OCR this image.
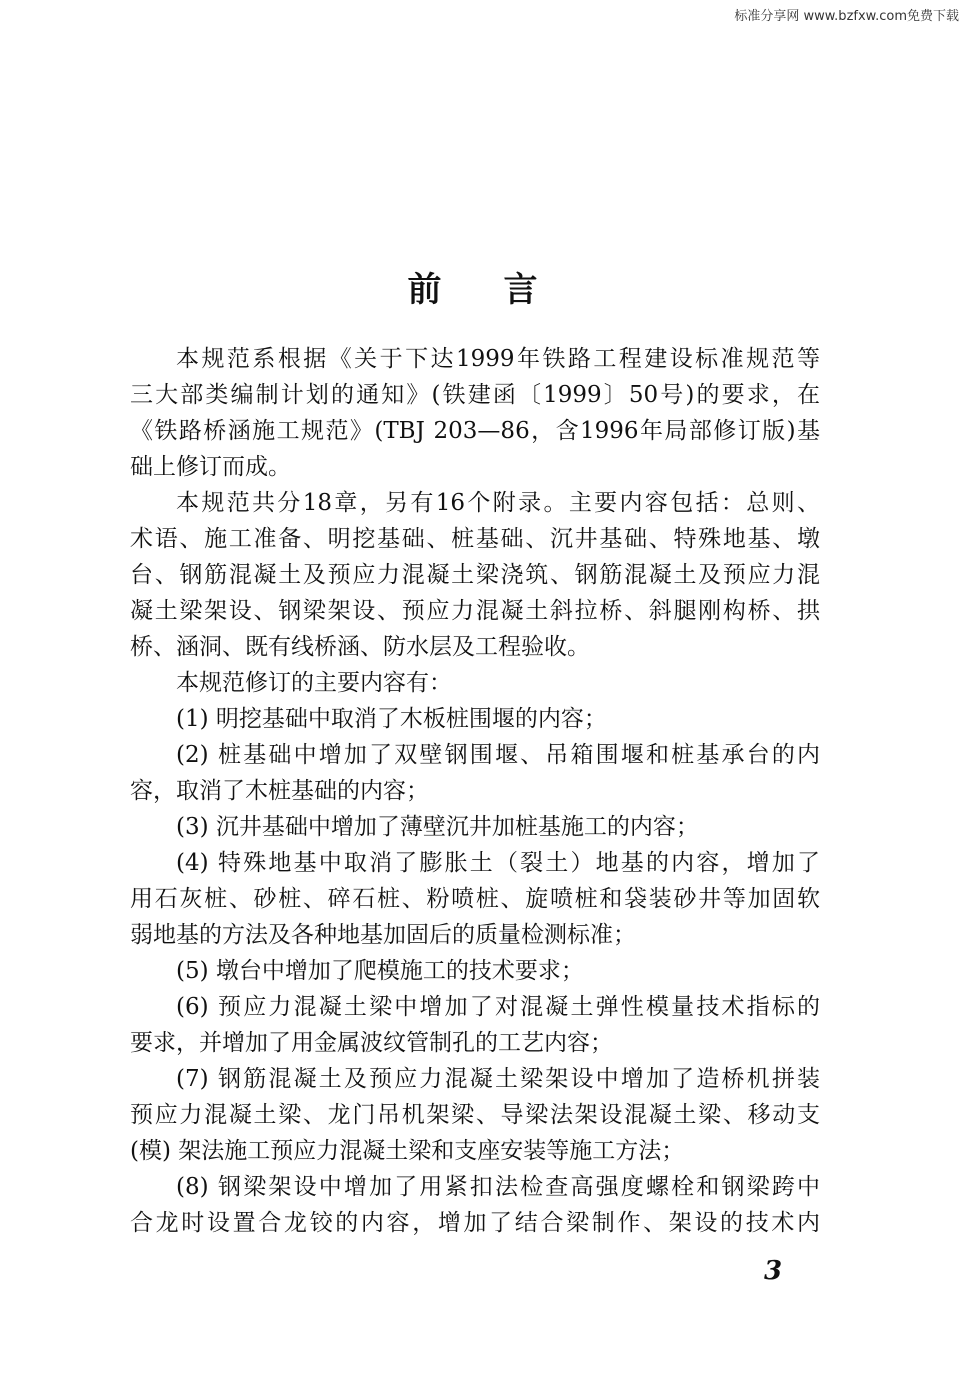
标准分享网 www.bzfxw.com免费下载
前言
本规范系根据《关于下达1999年铁路工程建设标准规范等
三大部类编制计划的通知》(铁建函〔1999〕50号)的要求，在
《铁路桥涵施工规范》(TBJ 203—86，含1996年局部修订版)基
础上修订而成。
本规范共分18章，另有16个附录。主要内容包括：总则、
术语、施工准备、明挖基础、桩基础、沉井基础、特殊地基、墩
台、钢筋混凝土及预应力混凝土梁浇筑、钢筋混凝土及预应力混
凝土梁架设、钢梁架设、预应力混凝土斜拉桥、斜腿刚构桥、拱
桥、涵洞、既有线桥涵、防水层及工程验收。
本规范修订的主要内容有：
(1) 明挖基础中取消了木板桩围堰的内容；
(2) 桩基础中增加了双壁钢围堰、吊箱围堰和桩基承台的内
容，取消了木桩基础的内容；
(3) 沉井基础中增加了薄壁沉井加桩基施工的内容；
(4) 特殊地基中取消了膨胀土（裂土）地基的内容，增加了
用石灰桩、砂桩、碎石桩、粉喷桩、旋喷桩和袋装砂井等加固软
弱地基的方法及各种地基加固后的质量检测标准；
(5) 墩台中增加了爬模施工的技术要求；
(6) 预应力混凝土梁中增加了对混凝土弹性模量技术指标的
要求，并增加了用金属波纹管制孔的工艺内容；
(7) 钢筋混凝土及预应力混凝土梁架设中增加了造桥机拼装
预应力混凝土梁、龙门吊机架梁、导梁法架设混凝土梁、移动支
(模) 架法施工预应力混凝土梁和支座安装等施工方法；
(8) 钢梁架设中增加了用紧扣法检查高强度螺栓和钢梁跨中
合龙时设置合龙铰的内容，增加了结合梁制作、架设的技术内
3
